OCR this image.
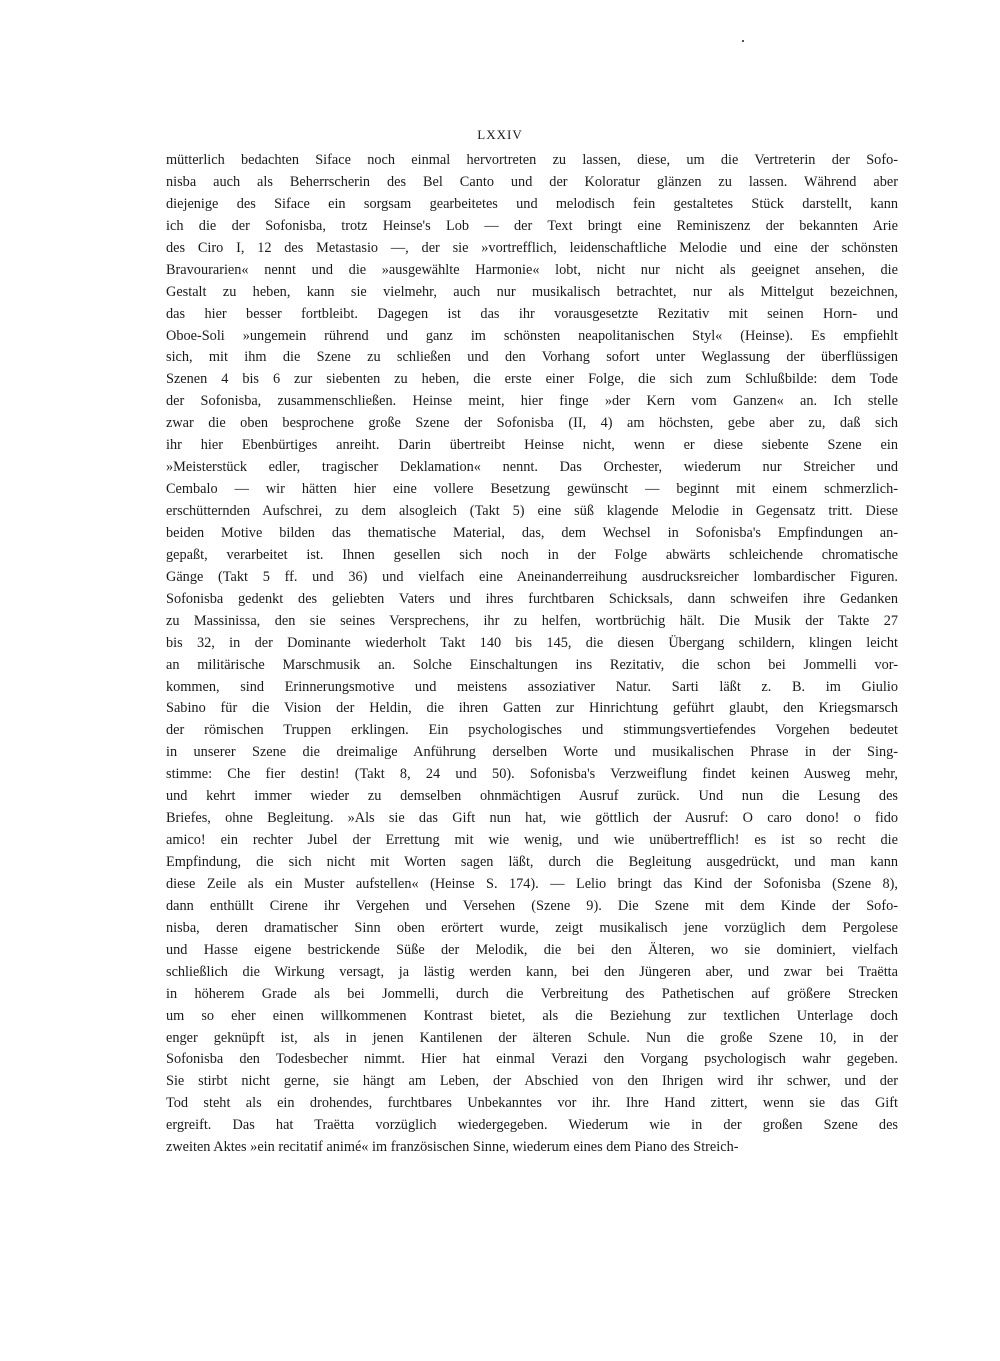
LXXIV
mütterlich bedachten Siface noch einmal hervortreten zu lassen, diese, um die Vertreterin der Sofo-
nisba auch als Beherrscherin des Bel Canto und der Koloratur glänzen zu lassen. Während aber
diejenige des Siface ein sorgsam gearbeitetes und melodisch fein gestaltetes Stück darstellt, kann
ich die der Sofonisba, trotz Heinse's Lob — der Text bringt eine Reminiszenz der bekannten Arie
des Ciro I, 12 des Metastasio —, der sie »vortrefflich, leidenschaftliche Melodie und eine der schönsten
Bravourarien« nennt und die »ausgewählte Harmonie« lobt, nicht nur nicht als geeignet ansehen, die
Gestalt zu heben, kann sie vielmehr, auch nur musikalisch betrachtet, nur als Mittelgut bezeichnen,
das hier besser fortbleibt. Dagegen ist das ihr vorausgesetzte Rezitativ mit seinen Horn- und
Oboe-Soli »ungemein rührend und ganz im schönsten neapolitanischen Styl« (Heinse). Es empfiehlt
sich, mit ihm die Szene zu schließen und den Vorhang sofort unter Weglassung der überflüssigen
Szenen 4 bis 6 zur siebenten zu heben, die erste einer Folge, die sich zum Schlußbilde: dem Tode
der Sofonisba, zusammenschließen. Heinse meint, hier finge »der Kern vom Ganzen« an. Ich stelle
zwar die oben besprochene große Szene der Sofonisba (II, 4) am höchsten, gebe aber zu, daß sich
ihr hier Ebenbürtiges anreiht. Darin übertreibt Heinse nicht, wenn er diese siebente Szene ein
»Meisterstück edler, tragischer Deklamation« nennt. Das Orchester, wiederum nur Streicher und
Cembalo — wir hätten hier eine vollere Besetzung gewünscht — beginnt mit einem schmerzlich-
erschütternden Aufschrei, zu dem alsogleich (Takt 5) eine süß klagende Melodie in Gegensatz tritt. Diese
beiden Motive bilden das thematische Material, das, dem Wechsel in Sofonisba's Empfindungen an-
gepaßt, verarbeitet ist. Ihnen gesellen sich noch in der Folge abwärts schleichende chromatische
Gänge (Takt 5 ff. und 36) und vielfach eine Aneinanderreihung ausdrucksreicher lombardischer Figuren.
Sofonisba gedenkt des geliebten Vaters und ihres furchtbaren Schicksals, dann schweifen ihre Gedanken
zu Massinissa, den sie seines Versprechens, ihr zu helfen, wortbrüchig hält. Die Musik der Takte 27
bis 32, in der Dominante wiederholt Takt 140 bis 145, die diesen Übergang schildern, klingen leicht
an militärische Marschmusik an. Solche Einschaltungen ins Rezitativ, die schon bei Jommelli vor-
kommen, sind Erinnerungsmotive und meistens assoziativer Natur. Sarti läßt z. B. im Giulio
Sabino für die Vision der Heldin, die ihren Gatten zur Hinrichtung geführt glaubt, den Kriegsmarsch
der römischen Truppen erklingen. Ein psychologisches und stimmungsvertiefendes Vorgehen bedeutet
in unserer Szene die dreimalige Anführung derselben Worte und musikalischen Phrase in der Sing-
stimme: Che fier destin! (Takt 8, 24 und 50). Sofonisba's Verzweiflung findet keinen Ausweg mehr,
und kehrt immer wieder zu demselben ohnmächtigen Ausruf zurück. Und nun die Lesung des
Briefes, ohne Begleitung. »Als sie das Gift nun hat, wie göttlich der Ausruf: O caro dono! o fido
amico! ein rechter Jubel der Errettung mit wie wenig, und wie unübertrefflich! es ist so recht die
Empfindung, die sich nicht mit Worten sagen läßt, durch die Begleitung ausgedrückt, und man kann
diese Zeile als ein Muster aufstellen« (Heinse S. 174). — Lelio bringt das Kind der Sofonisba (Szene 8),
dann enthüllt Cirene ihr Vergehen und Versehen (Szene 9). Die Szene mit dem Kinde der Sofo-
nisba, deren dramatischer Sinn oben erörtert wurde, zeigt musikalisch jene vorzüglich dem Pergolese
und Hasse eigene bestrickende Süße der Melodik, die bei den Älteren, wo sie dominiert, vielfach
schließlich die Wirkung versagt, ja lästig werden kann, bei den Jüngeren aber, und zwar bei Traëtta
in höherem Grade als bei Jommelli, durch die Verbreitung des Pathetischen auf größere Strecken
um so eher einen willkommenen Kontrast bietet, als die Beziehung zur textlichen Unterlage doch
enger geknüpft ist, als in jenen Kantilenen der älteren Schule. Nun die große Szene 10, in der
Sofonisba den Todesbecher nimmt. Hier hat einmal Verazi den Vorgang psychologisch wahr gegeben.
Sie stirbt nicht gerne, sie hängt am Leben, der Abschied von den Ihrigen wird ihr schwer, und der
Tod steht als ein drohendes, furchtbares Unbekanntes vor ihr. Ihre Hand zittert, wenn sie das Gift
ergreift. Das hat Traëtta vorzüglich wiedergegeben. Wiederum wie in der großen Szene des
zweiten Aktes »ein recitatif animé« im französischen Sinne, wiederum eines dem Piano des Streich-
